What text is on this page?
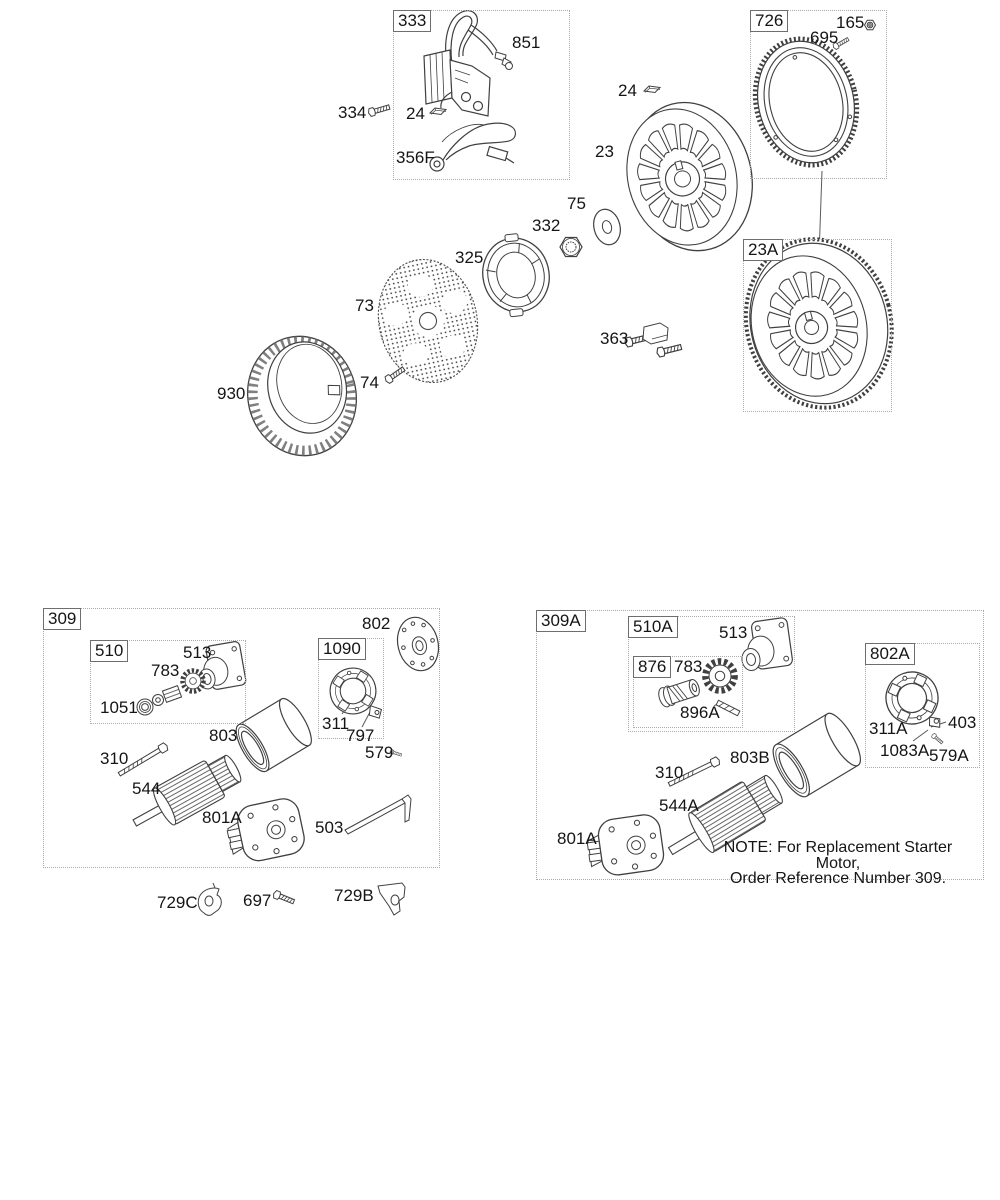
333	726
23A
309
510	1090
309A	510A
876
802A
334 24
851
356F
165
695
24
23
75
332
325
73
74
930
363
802
513
783
1051
311
797
803
310
544
801A
503
579
729C	697	729B
513
783
896A
311A 403
1083A 579A
803B
310
544A
801A	NOTE: For Replacement Starter Motor,
Order Reference Number 309.
